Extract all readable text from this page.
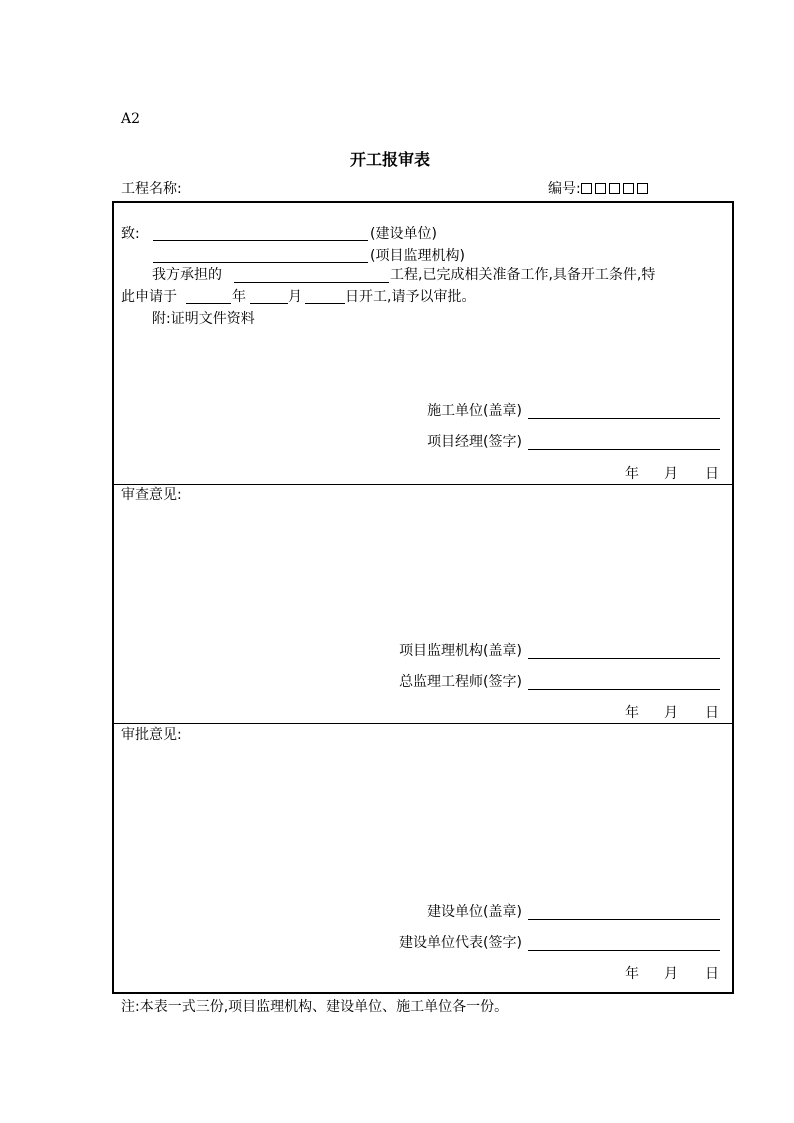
A2
开工报审表
工程名称:	编号:
致:	(建设单位)
(项目监理机构)
我方承担的	工程,已完成相关准备工作,具备开工条件,特
此申请于	年	月	日开工,请予以审批。
附:证明文件资料
施工单位(盖章)
项目经理(签字)
年 月 日
审查意见:
项目监理机构(盖章)
总监理工程师(签字)
年 月 日
审批意见:
建设单位(盖章)
建设单位代表(签字)
年 月 日
注:本表一式三份,项目监理机构、建设单位、施工单位各一份。
